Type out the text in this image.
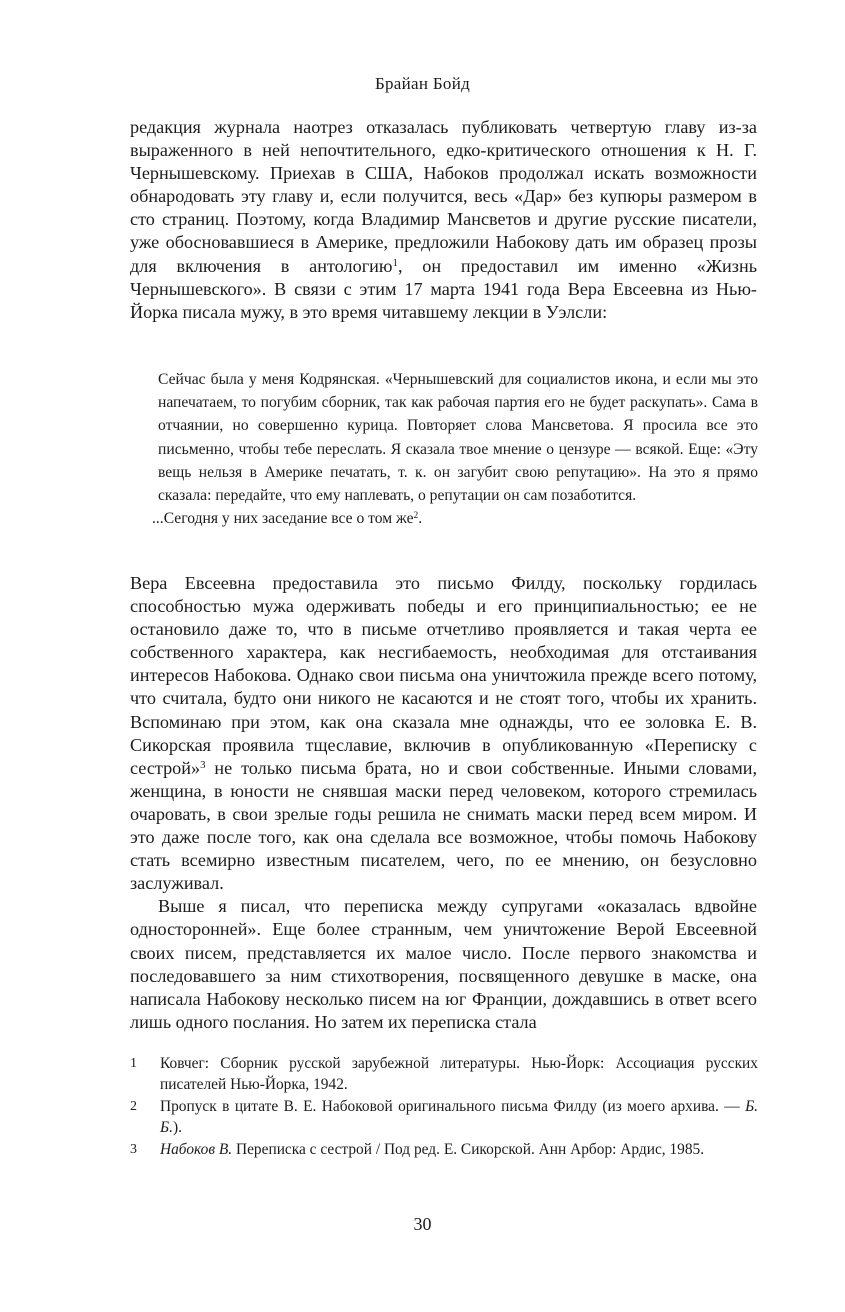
Брайан Бойд

редакция журнала наотрез отказалась публиковать четвертую главу из-за выраженного в ней непочтительного, едко-критического отношения к Н. Г. Чернышевскому. Приехав в США, Набоков продолжал искать возможности обнародовать эту главу и, если получится, весь «Дар» без купюры размером в сто страниц. Поэтому, когда Владимир Мансветов и другие русские писатели, уже обосновавшиеся в Америке, предложили Набокову дать им образец прозы для включения в антологию$^1$, он предоставил им именно «Жизнь Чернышевского». В связи с этим 17 марта 1941 года Вера Евсеевна из Нью-Йорка писала мужу, в это время читавшему лекции в Уэлсли:

Сейчас была у меня Кодрянская. «Чернышевский для социалистов икона, и если мы это напечатаем, то погубим сборник, так как рабочая партия его не будет раскупать». Сама в отчаянии, но совершенно курица. Повторяет слова Мансветова. Я просила все это письменно, чтобы тебе переслать. Я сказала твое мнение о цензуре — всякой. Еще: «Эту вещь нельзя в Америке печатать, т. к. он загубит свою репутацию». На это я прямо сказала: передайте, что ему наплевать, о репутации он сам позаботится.
...Сегодня у них заседание все о том $же^2$.

Вера Евсеевна предоставила это письмо Филду, поскольку гордилась способностью мужа одерживать победы и его принципиальностью; ее не остановило даже то, что в письме отчетливо проявляется и такая черта ее собственного характера, как несгибаемость, необходимая для отстаивания интересов Набокова. Однако свои письма она уничтожила прежде всего потому, что считала, будто они никого не касаются и не стоят того, чтобы их хранить. Вспоминаю при этом, как она сказала мне однажды, что ее золовка Е. В. Сикорская проявила тщеславие, включив в опубликованную «Переписку с сестрой»$^3$ не только письма брата, но и свои собственные. Иными словами, женщина, в юности не снявшая маски перед человеком, которого стремилась очаровать, в свои зрелые годы решила не снимать маски перед всем миром. И это даже после того, как она сделала все возможное, чтобы помочь Набокову стать всемирно известным писателем, чего, по ее мнению, он безусловно заслуживал.

Выше я писал, что переписка между супругами «оказалась вдвойне односторонней». Еще более странным, чем уничтожение Верой Евсеевной своих писем, представляется их малое число. После первого знакомства и последовавшего за ним стихотворения, посвященного девушке в маске, она написала Набокову несколько писем на юг Франции, дождавшись в ответ всего лишь одного послания. Но затем их переписка стала

1 Ковчег: Сборник русской зарубежной литературы. Нью-Йорк: Ассоциация русских писателей Нью-Йорка, 1942.

2 Пропуск в цитате В. Е. Набоковой оригинального письма Филду (из моего архива. — Б. Б.).

3 Набоков В. Переписка с сестрой / Под ред. Е. Сикорской. Анн Арбор: Ардис, 1985.

30
